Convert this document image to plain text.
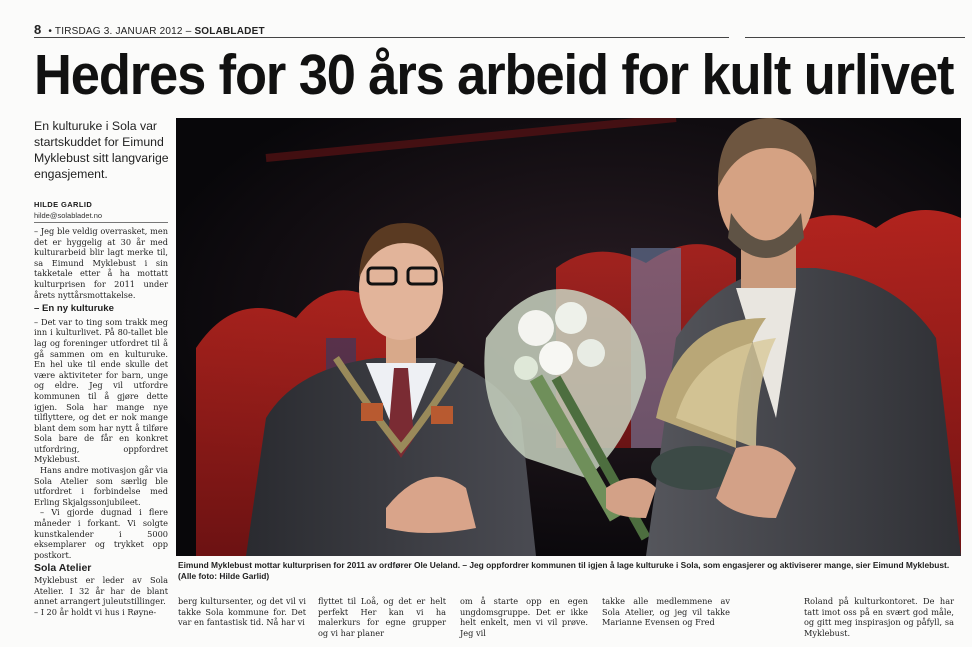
8 • TIRSDAG 3. JANUAR 2012 – SOLABLADET
Hedres for 30 års arbeid for kult urlivet
En kulturuke i Sola var startskuddet for Eimund Myklebust sitt langvarige engasjement.
HILDE GARLID
hilde@solabladet.no

– Jeg ble veldig overrasket, men det er hyggelig at 30 år med kulturarbeid blir lagt merke til, sa Eimund Myklebust i sin takketale etter å ha mottatt kulturprisen for 2011 under årets nyttårsmottakelse.

– En ny kulturuke

– Det var to ting som trakk meg inn i kulturlivet. På 80-tallet ble lag og foreninger utfordret til å gå sammen om en kulturuke. En hel uke til ende skulle det være aktiviteter for barn, unge og eldre. Jeg vil utfordre kommunen til å gjøre dette igjen. Sola har mange nye tilflyttere, og det er nok mange blant dem som har nytt å tilføre Sola bare de får en konkret utfordring, oppfordret Myklebust.

Hans andre motivasjon går via Sola Atelier som særlig ble utfordret i forbindelse med Erling Skjalgssonjubileet.

– Vi gjorde dugnad i flere måneder i forkant. Vi solgte kunstkalender i 5000 eksemplarer og trykket opp postkort.

Sola Atelier

Myklebust er leder av Sola Atelier. I 32 år har de blant annet arrangert juleutstillinger.

– I 20 år holdt vi hus i Røyne-

Eimund Myklebust mottar kulturprisen for 2011 av ordfører Ole Ueland. – Jeg oppfordrer kommunen til igjen å lage kulturuke i Sola, som engasjerer og aktiviserer mange, sier Eimund Myklebust. (Alle foto: Hilde Garlid)
berg kultursenter, og det vil vi takke Sola kommune for. Det var en fantastisk tid. Nå har vi
flyttet til Loå, og det er helt perfekt Her kan vi ha malerkurs for egne grupper og vi har planer
om å starte opp en egen ungdomsgruppe. Det er ikke helt enkelt, men vi vil prøve. Jeg vil
takke alle medlemmene av Sola Atelier, og jeg vil takke Marianne Evensen og Fred
Roland på kulturkontoret. De har tatt imot oss på en svært god måle, og gitt meg inspirasjon og påfyll, sa Myklebust.
